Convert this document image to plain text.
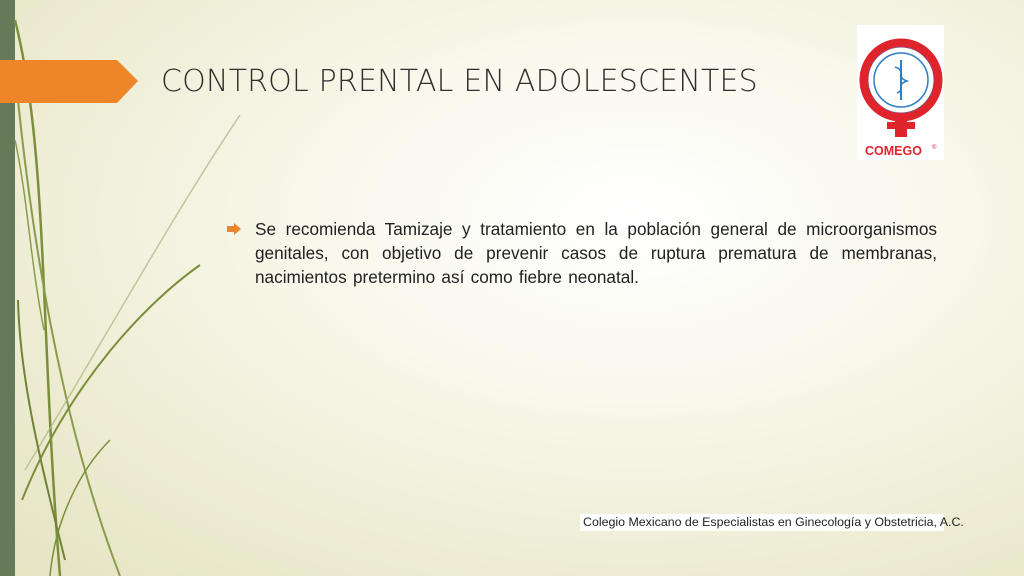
CONTROL PRENTAL EN ADOLESCENTES
COMEGO ®

Se recomienda Tamizaje y tratamiento en la población general de microorganismos genitales, con objetivo de prevenir casos de ruptura prematura de membranas, nacimientos pretermino así como fiebre neonatal.

Colegio Mexicano de Especialistas en Ginecología y Obstetricia, A.C.
